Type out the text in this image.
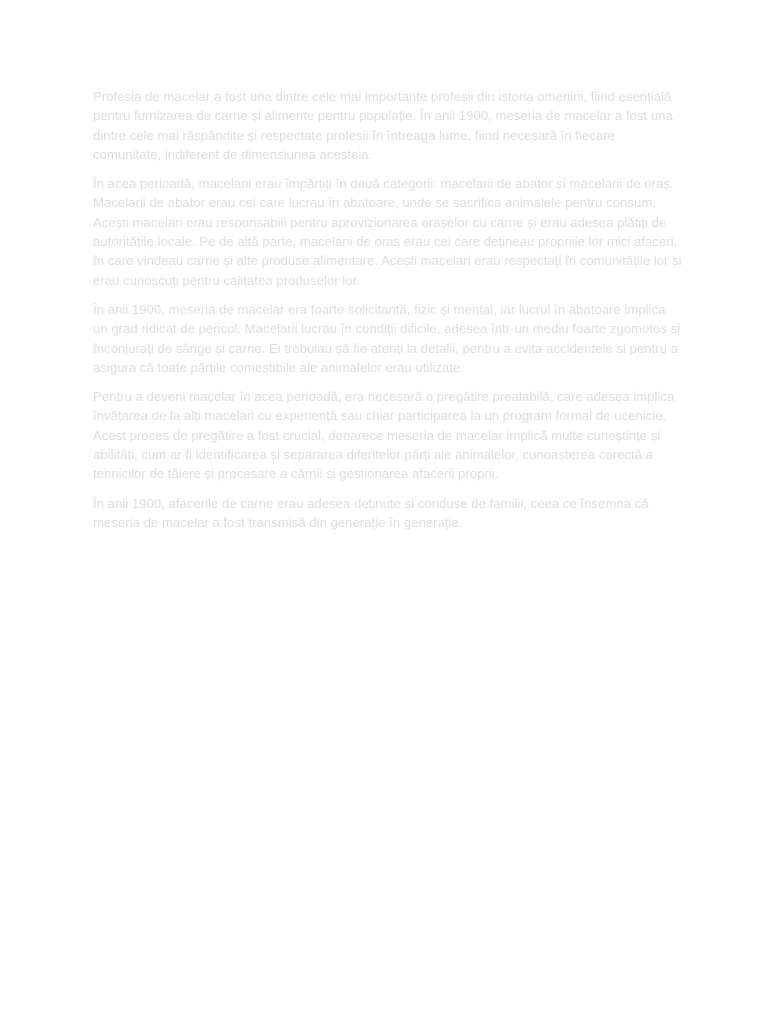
Profesia de macelar a fost una dintre cele mai importante profesii din istoria omenirii, fiind esențială pentru furnizarea de carne și alimente pentru populație. În anii 1900, meseria de macelar a fost una dintre cele mai răspândite și respectate profesii în întreaga lume, fiind necesară în fiecare comunitate, indiferent de dimensiunea acesteia.

În acea perioadă, macelarii erau împărțiți în două categorii: macelarii de abator și macelarii de oraș. Macelarii de abator erau cei care lucrau în abatoare, unde se sacrifica animalele pentru consum. Acești macelari erau responsabili pentru aprovizionarea orașelor cu carne și erau adesea plătiți de autoritățile locale. Pe de altă parte, macelarii de oraș erau cei care dețineau propriile lor mici afaceri, în care vindeau carne și alte produse alimentare. Acești macelari erau respectați în comunitățile lor și erau cunoscuți pentru calitatea produselor lor.

În anii 1900, meseria de macelar era foarte solicitantă, fizic și mental, iar lucrul în abatoare implica un grad ridicat de pericol. Macelarii lucrau în condiții dificile, adesea într-un mediu foarte zgomotos și înconjurați de sânge și carne. Ei trebuiau să fie atenți la detalii, pentru a evita accidentele și pentru a asigura că toate părțile comestibile ale animalelor erau utilizate.

Pentru a deveni macelar în acea perioadă, era necesară o pregătire prealabilă, care adesea implica învățarea de la alți macelari cu experiență sau chiar participarea la un program formal de ucenicie. Acest proces de pregătire a fost crucial, deoarece meseria de macelar implică multe cunoștințe și abilități, cum ar fi identificarea și separarea diferitelor părți ale animalelor, cunoașterea corectă a tehnicilor de tăiere și procesare a cărnii și gestionarea afacerii proprii.

În anii 1900, afacerile de carne erau adesea deținute și conduse de familii, ceea ce însemna că meseria de macelar a fost transmisă din generație în generație.
